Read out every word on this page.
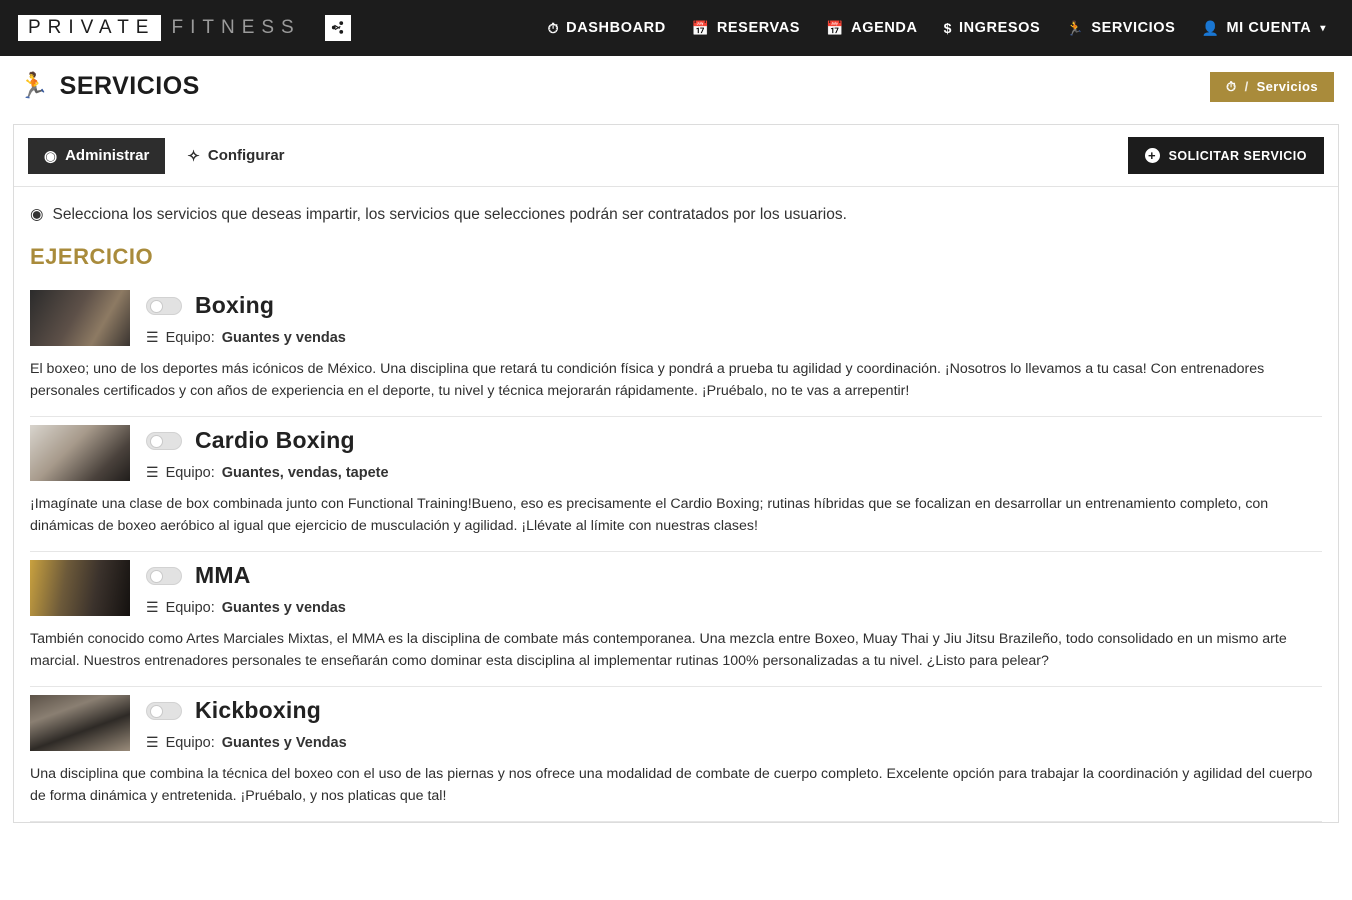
PRIVATE FITNESS	⏱ DASHBOARD 📅 RESERVAS 📅 AGENDA $ INGRESOS 🏃 SERVICIOS 👤 MI CUENTA ▾
🏃 SERVICIOS	⏱ / Servicios
◉ Administrar	✧ Configurar	+ SOLICITAR SERVICIO
◉ Selecciona los servicios que deseas impartir, los servicios que selecciones podrán ser contratados por los usuarios.
EJERCICIO
Boxing
☰ Equipo: Guantes y vendas
El boxeo; uno de los deportes más icónicos de México. Una disciplina que retará tu condición física y pondrá a prueba tu agilidad y coordinación. ¡Nosotros lo llevamos a tu casa! Con entrenadores personales certificados y con años de experiencia en el deporte, tu nivel y técnica mejorarán rápidamente. ¡Pruébalo, no te vas a arrepentir!
Cardio Boxing
☰ Equipo: Guantes, vendas, tapete
¡Imagínate una clase de box combinada junto con Functional Training!Bueno, eso es precisamente el Cardio Boxing; rutinas híbridas que se focalizan en desarrollar un entrenamiento completo, con dinámicas de boxeo aeróbico al igual que ejercicio de musculación y agilidad. ¡Llévate al límite con nuestras clases!
MMA
☰ Equipo: Guantes y vendas
También conocido como Artes Marciales Mixtas, el MMA es la disciplina de combate más contemporanea. Una mezcla entre Boxeo, Muay Thai y Jiu Jitsu Brazileño, todo consolidado en un mismo arte marcial. Nuestros entrenadores personales te enseñarán como dominar esta disciplina al implementar rutinas 100% personalizadas a tu nivel. ¿Listo para pelear?
Kickboxing
☰ Equipo: Guantes y Vendas
Una disciplina que combina la técnica del boxeo con el uso de las piernas y nos ofrece una modalidad de combate de cuerpo completo. Excelente opción para trabajar la coordinación y agilidad del cuerpo de forma dinámica y entretenida. ¡Pruébalo, y nos platicas que tal!
